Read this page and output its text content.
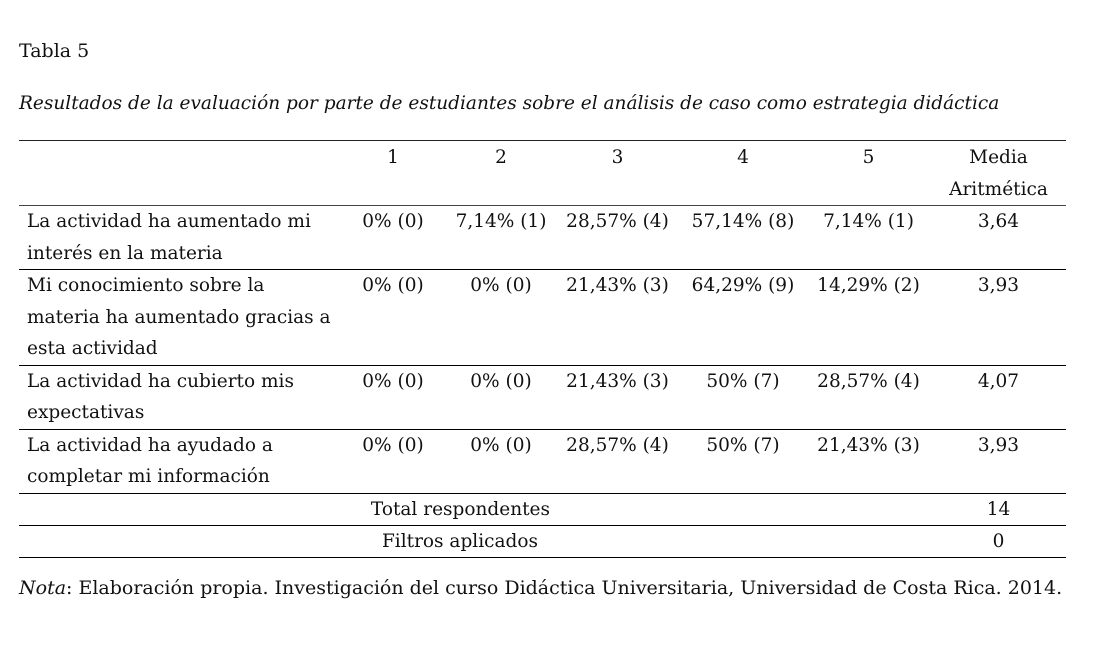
Tabla 5
Resultados de la evaluación por parte de estudiantes sobre el análisis de caso como estrategia didáctica
	1	2	3	4	5	Media
Aritmética
La actividad ha aumentado mi interés en la materia	0% (0)	7,14% (1)	28,57% (4)	57,14% (8)	7,14% (1)	3,64
Mi conocimiento sobre la materia ha aumentado gracias a esta actividad	0% (0)	0% (0)	21,43% (3)	64,29% (9)	14,29% (2)	3,93
La actividad ha cubierto mis expectativas	0% (0)	0% (0)	21,43% (3)	50% (7)	28,57% (4)	4,07
La actividad ha ayudado a completar mi información	0% (0)	0% (0)	28,57% (4)	50% (7)	21,43% (3)	3,93
Total respondentes						14
Filtros aplicados						0
Nota: Elaboración propia. Investigación del curso Didáctica Universitaria, Universidad de Costa Rica. 2014.
